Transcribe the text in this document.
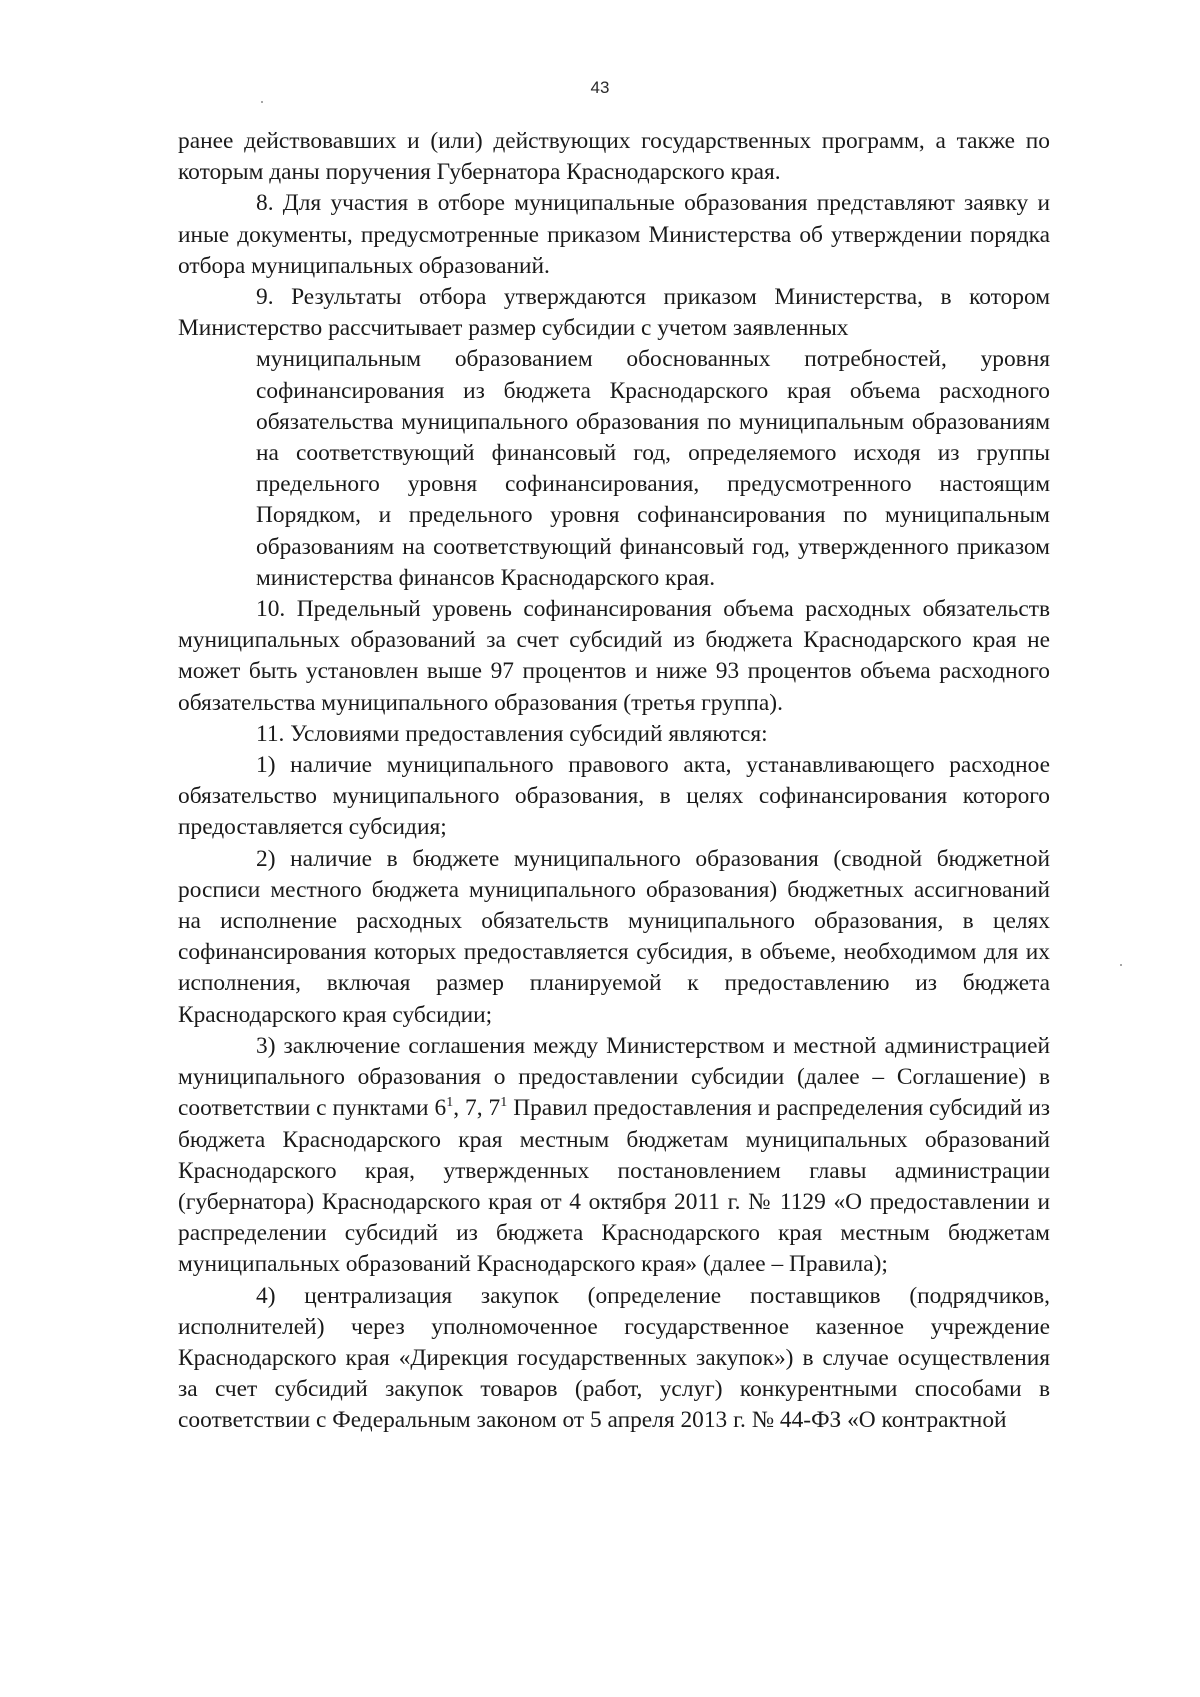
43

ранее действовавших и (или) действующих государственных программ, а также по которым даны поручения Губернатора Краснодарского края.

8. Для участия в отборе муниципальные образования представляют заявку и иные документы, предусмотренные приказом Министерства об утверждении порядка отбора муниципальных образований.

9. Результаты отбора утверждаются приказом Министерства, в котором Министерство рассчитывает размер субсидии с учетом заявленных

муниципальным образованием обоснованных потребностей, уровня софинансирования из бюджета Краснодарского края объема расходного обязательства муниципального образования по муниципальным образованиям на соответствующий финансовый год, определяемого исходя из группы предельного уровня софинансирования, предусмотренного настоящим Порядком, и предельного уровня софинансирования по муниципальным образованиям на соответствующий финансовый год, утвержденного приказом министерства финансов Краснодарского края.

10. Предельный уровень софинансирования объема расходных обязательств муниципальных образований за счет субсидий из бюджета Краснодарского края не может быть установлен выше 97 процентов и ниже 93 процентов объема расходного обязательства муниципального образования (третья группа).

11. Условиями предоставления субсидий являются:

1) наличие муниципального правового акта, устанавливающего расходное обязательство муниципального образования, в целях софинансирования которого предоставляется субсидия;

2) наличие в бюджете муниципального образования (сводной бюджетной росписи местного бюджета муниципального образования) бюджетных ассигнований на исполнение расходных обязательств муниципального образования, в целях софинансирования которых предоставляется субсидия, в объеме, необходимом для их исполнения, включая размер планируемой к предоставлению из бюджета Краснодарского края субсидии;

3) заключение соглашения между Министерством и местной администрацией муниципального образования о предоставлении субсидии (далее – Соглашение) в соответствии с пунктами $6^1$, 7, $7^1$ Правил предоставления и распределения субсидий из бюджета Краснодарского края местным бюджетам муниципальных образований Краснодарского края, утвержденных постановлением главы администрации (губернатора) Краснодарского края от 4 октября 2011 г. № 1129 «О предоставлении и распределении субсидий из бюджета Краснодарского края местным бюджетам муниципальных образований Краснодарского края» (далее – Правила);

4) централизация закупок (определение поставщиков (подрядчиков, исполнителей) через уполномоченное государственное казенное учреждение Краснодарского края «Дирекция государственных закупок») в случае осуществления за счет субсидий закупок товаров (работ, услуг) конкурентными способами в соответствии с Федеральным законом от 5 апреля 2013 г. № 44-ФЗ «О контрактной
